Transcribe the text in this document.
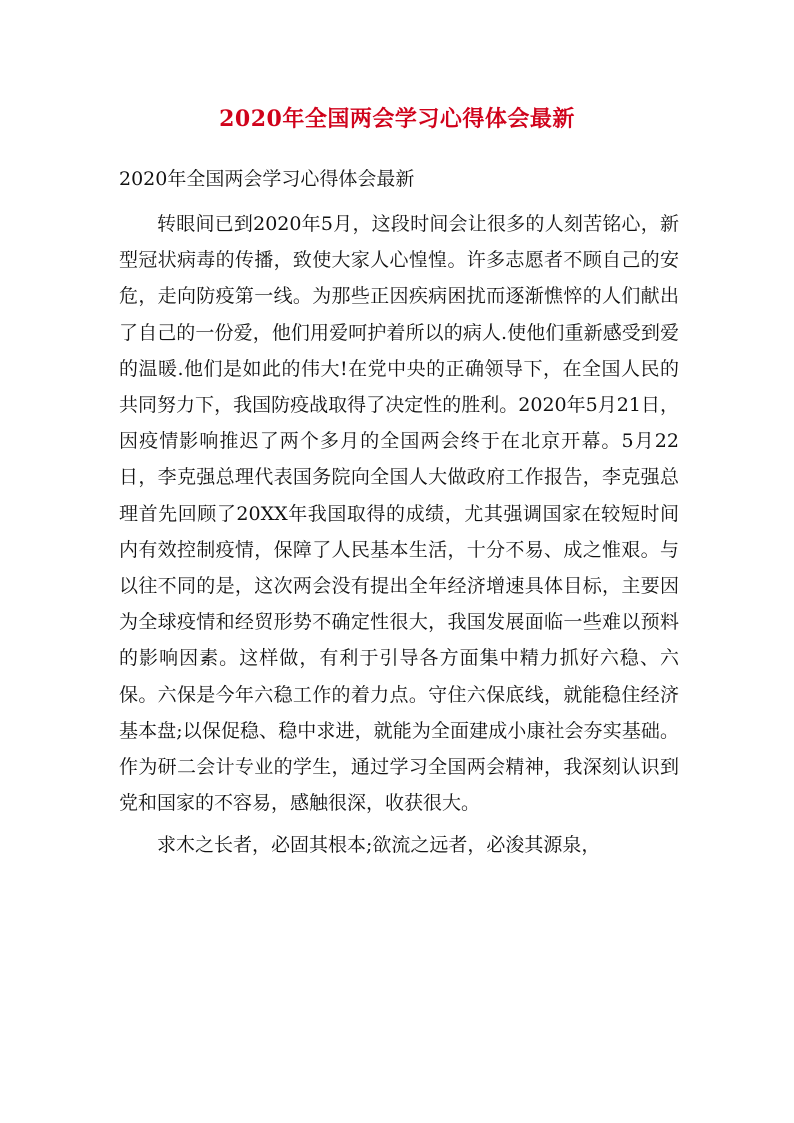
2020年全国两会学习心得体会最新

2020年全国两会学习心得体会最新

转眼间已到2020年5月，这段时间会让很多的人刻苦铭心，新型冠状病毒的传播，致使大家人心惶惶。许多志愿者不顾自己的安危，走向防疫第一线。为那些正因疾病困扰而逐渐憔悴的人们献出了自己的一份爱，他们用爱呵护着所以的病人.使他们重新感受到爱的温暖.他们是如此的伟大!在党中央的正确领导下，在全国人民的共同努力下，我国防疫战取得了决定性的胜利。2020年5月21日，因疫情影响推迟了两个多月的全国两会终于在北京开幕。5月22日，李克强总理代表国务院向全国人大做政府工作报告，李克强总理首先回顾了20XX年我国取得的成绩，尤其强调国家在较短时间内有效控制疫情，保障了人民基本生活，十分不易、成之惟艰。与以往不同的是，这次两会没有提出全年经济增速具体目标，主要因为全球疫情和经贸形势不确定性很大，我国发展面临一些难以预料的影响因素。这样做，有利于引导各方面集中精力抓好六稳、六保。六保是今年六稳工作的着力点。守住六保底线，就能稳住经济基本盘;以保促稳、稳中求进，就能为全面建成小康社会夯实基础。作为研二会计专业的学生，通过学习全国两会精神，我深刻认识到党和国家的不容易，感触很深，收获很大。

求木之长者，必固其根本;欲流之远者，必浚其源泉，
